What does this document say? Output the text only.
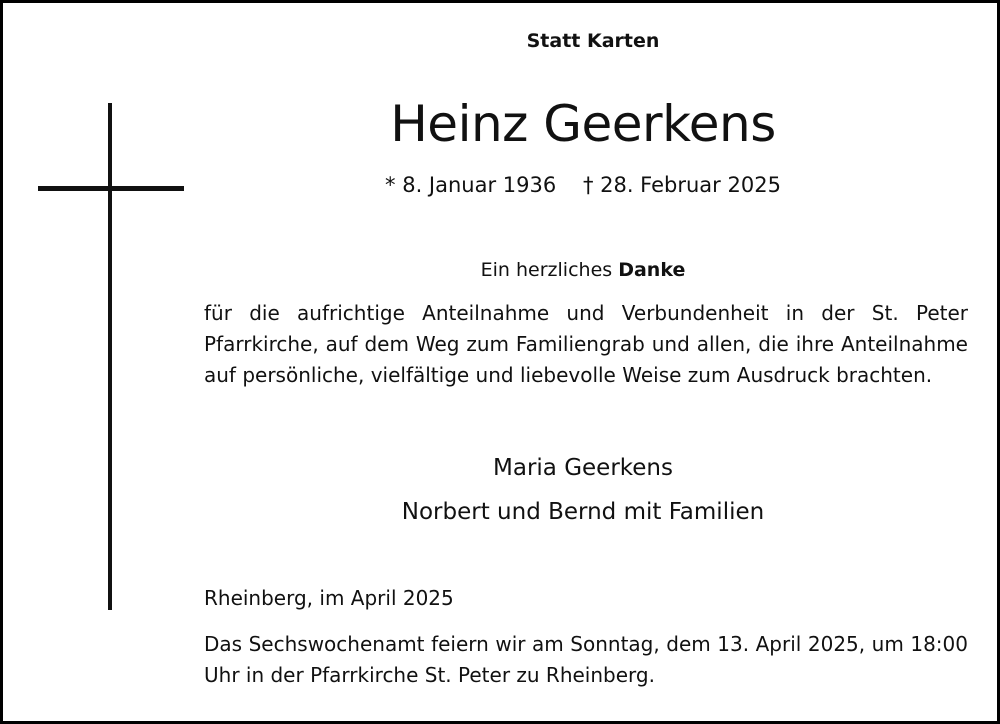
Statt Karten
Heinz Geerkens
* 8. Januar 1936 † 28. Februar 2025
Ein herzliches Danke
für die aufrichtige Anteilnahme und Verbundenheit in der St. Peter Pfarrkirche, auf dem Weg zum Familiengrab und allen, die ihre Anteilnahme auf persönliche, vielfältige und liebevolle Weise zum Ausdruck brachten.
Maria Geerkens
Norbert und Bernd mit Familien
Rheinberg, im April 2025
Das Sechswochenamt feiern wir am Sonntag, dem 13. April 2025, um 18:00 Uhr in der Pfarrkirche St. Peter zu Rheinberg.
